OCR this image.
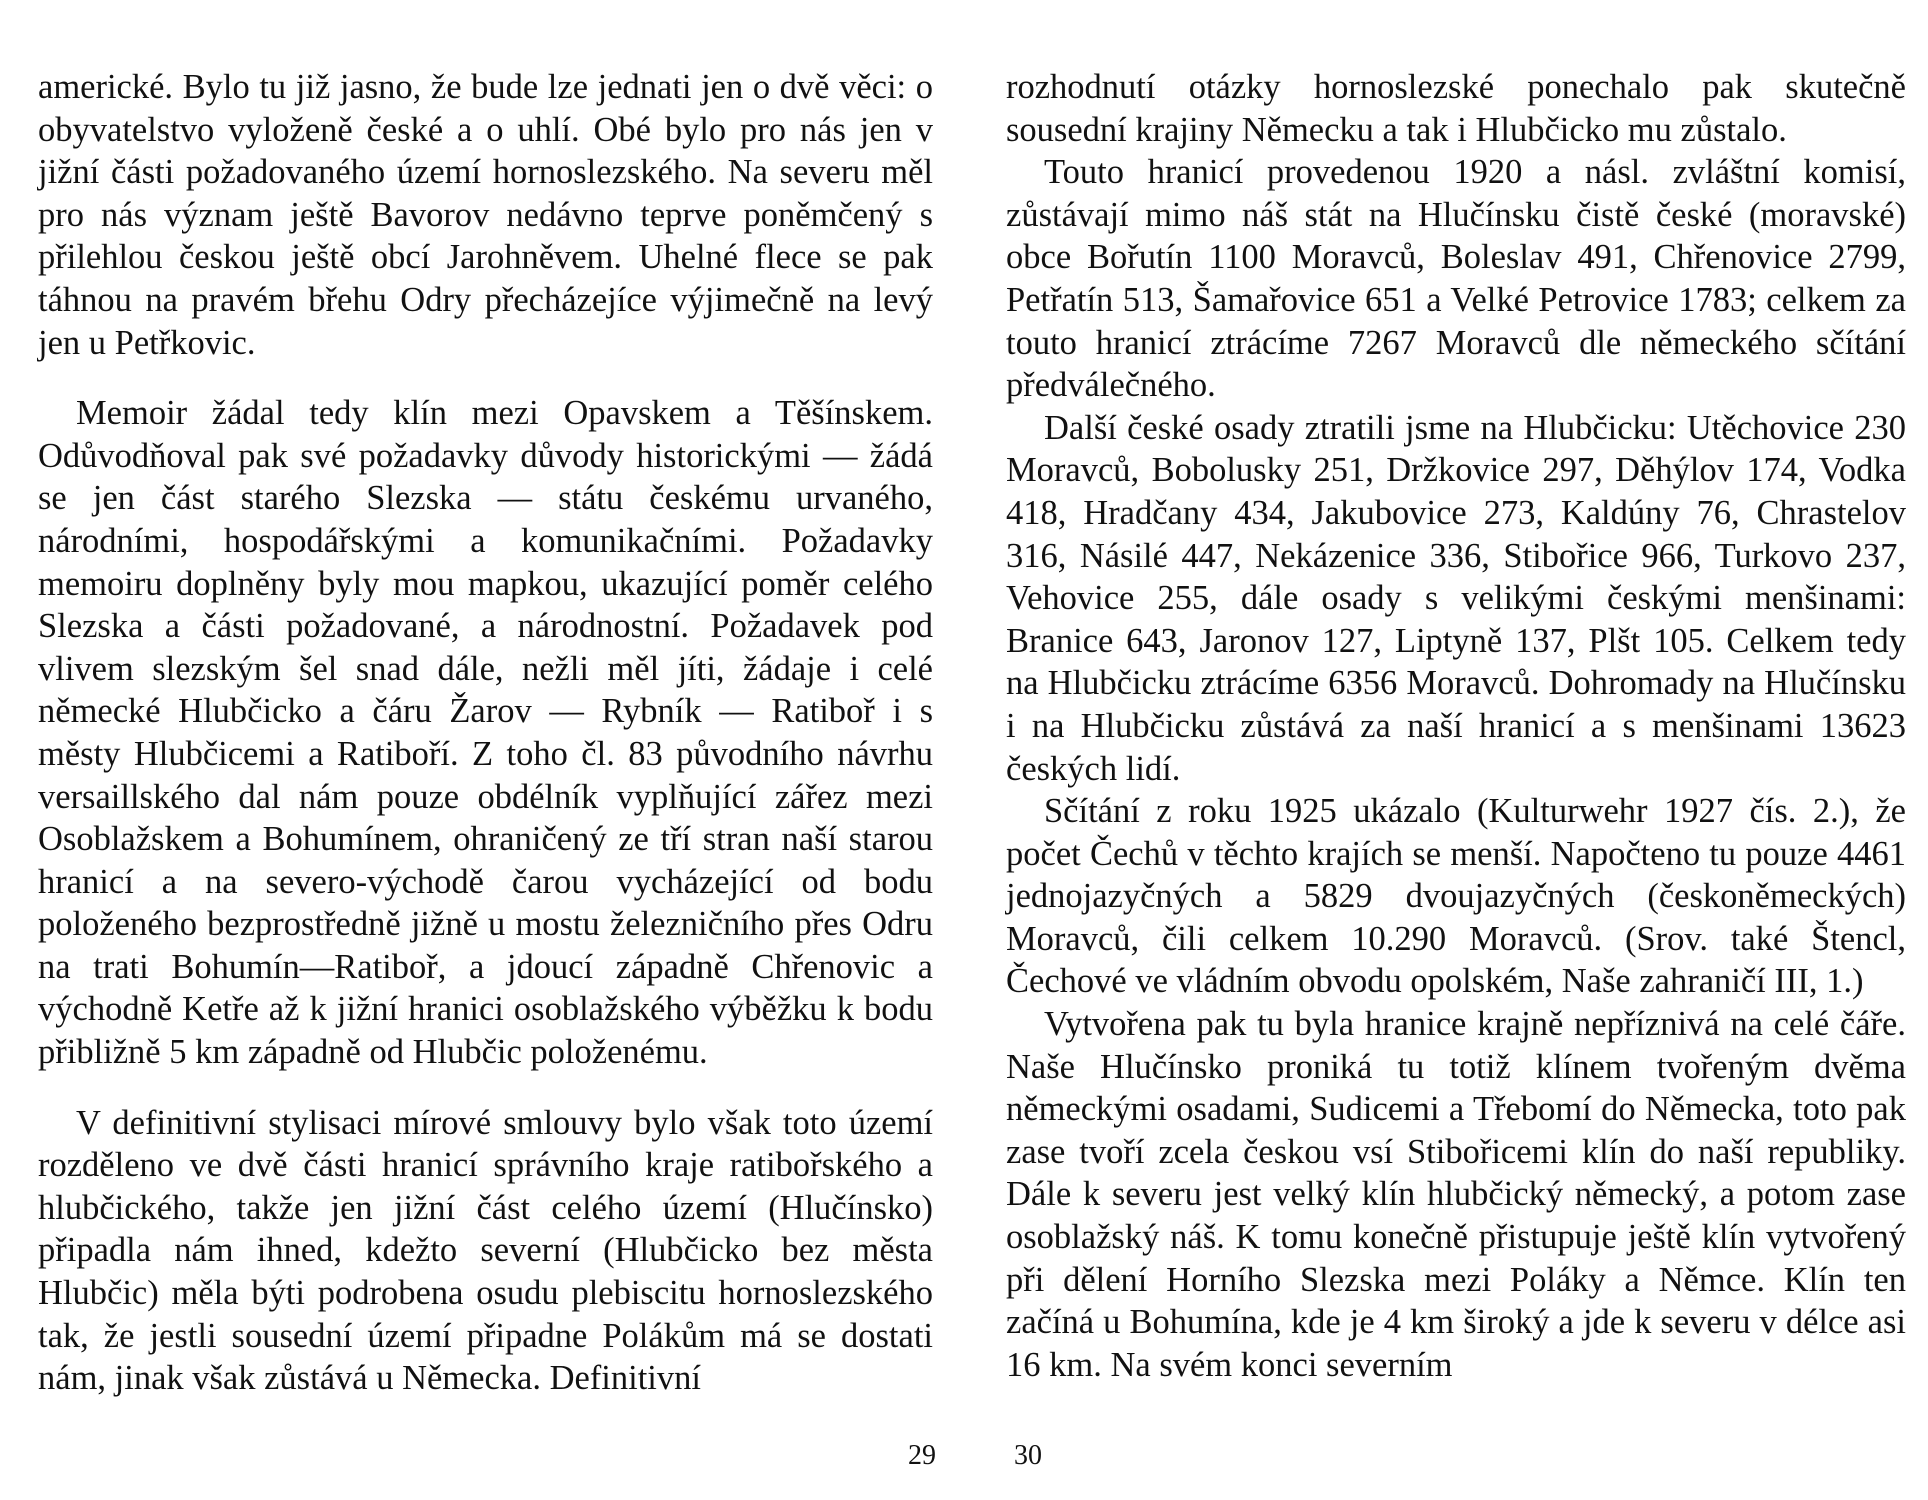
americké. Bylo tu již jasno, že bude lze jednati jen o dvě věci: o obyvatelstvo vyloženě české a o uhlí. Obé bylo pro nás jen v jižní části požadovaného území hornoslezského. Na severu měl pro nás význam ještě Bavorov nedávno teprve poněmčený s přilehlou českou ještě obcí Jarohněvem. Uhelné flece se pak táhnou na pravém břehu Odry přecházejíce výjimečně na levý jen u Petřkovic.

Memoir žádal tedy klín mezi Opavskem a Těšínskem. Odůvodňoval pak své požadavky důvody historickými — žádá se jen část starého Slezska — státu českému urvaného, národními, hospodářskými a komunikačními. Požadavky memoiru doplněny byly mou mapkou, ukazující poměr celého Slezska a části požadované, a národnostní. Požadavek pod vlivem slezským šel snad dále, nežli měl jíti, žádaje i celé německé Hlubčicko a čáru Žarov — Rybník — Ratiboř i s městy Hlubčicemi a Ratiboří. Z toho čl. 83 původního návrhu versaillského dal nám pouze obdélník vyplňující zářez mezi Osoblažskem a Bohumínem, ohraničený ze tří stran naší starou hranicí a na severo-východě čarou vycházející od bodu položeného bezprostředně jižně u mostu železničního přes Odru na trati Bohumín—Ratiboř, a jdoucí západně Chřenovic a východně Ketře až k jižní hranici osoblažského výběžku k bodu přibližně 5 km západně od Hlubčic položenému.

V definitivní stylisaci mírové smlouvy bylo však toto území rozděleno ve dvě části hranicí správního kraje ratibořského a hlubčického, takže jen jižní část celého území (Hlučínsko) připadla nám ihned, kdežto severní (Hlubčicko bez města Hlubčic) měla býti podrobena osudu plebiscitu hornoslezského tak, že jestli sousední území připadne Polákům má se dostati nám, jinak však zůstává u Německa. Definitivní

29

rozhodnutí otázky hornoslezské ponechalo pak skutečně sousední krajiny Německu a tak i Hlubčicko mu zůstalo.

Touto hranicí provedenou 1920 a násl. zvláštní komisí, zůstávají mimo náš stát na Hlučínsku čistě české (moravské) obce Bořutín 1100 Moravců, Boleslav 491, Chřenovice 2799, Petřatín 513, Šamařovice 651 a Velké Petrovice 1783; celkem za touto hranicí ztrácíme 7267 Moravců dle německého sčítání předválečného.

Další české osady ztratili jsme na Hlubčicku: Utěchovice 230 Moravců, Bobolusky 251, Držkovice 297, Děhýlov 174, Vodka 418, Hradčany 434, Jakubovice 273, Kaldúny 76, Chrastelov 316, Násilé 447, Nekázenice 336, Stibořice 966, Turkovo 237, Vehovice 255, dále osady s velikými českými menšinami: Branice 643, Jaronov 127, Liptyně 137, Plšt 105. Celkem tedy na Hlubčicku ztrácíme 6356 Moravců. Dohromady na Hlučínsku i na Hlubčicku zůstává za naší hranicí a s menšinami 13623 českých lidí.

Sčítání z roku 1925 ukázalo (Kulturwehr 1927 čís. 2.), že počet Čechů v těchto krajích se menší. Napočteno tu pouze 4461 jednojazyčných a 5829 dvoujazyčných (českoněmeckých) Moravců, čili celkem 10.290 Moravců. (Srov. také Štencl, Čechové ve vládním obvodu opolském, Naše zahraničí III, 1.)

Vytvořena pak tu byla hranice krajně nepříznivá na celé čáře. Naše Hlučínsko proniká tu totiž klínem tvořeným dvěma německými osadami, Sudicemi a Třebomí do Německa, toto pak zase tvoří zcela českou vsí Stibořicemi klín do naší republiky. Dále k severu jest velký klín hlubčický německý, a potom zase osoblažský náš. K tomu konečně přistupuje ještě klín vytvořený při dělení Horního Slezska mezi Poláky a Němce. Klín ten začíná u Bohumína, kde je 4 km široký a jde k severu v délce asi 16 km. Na svém konci severním

30
